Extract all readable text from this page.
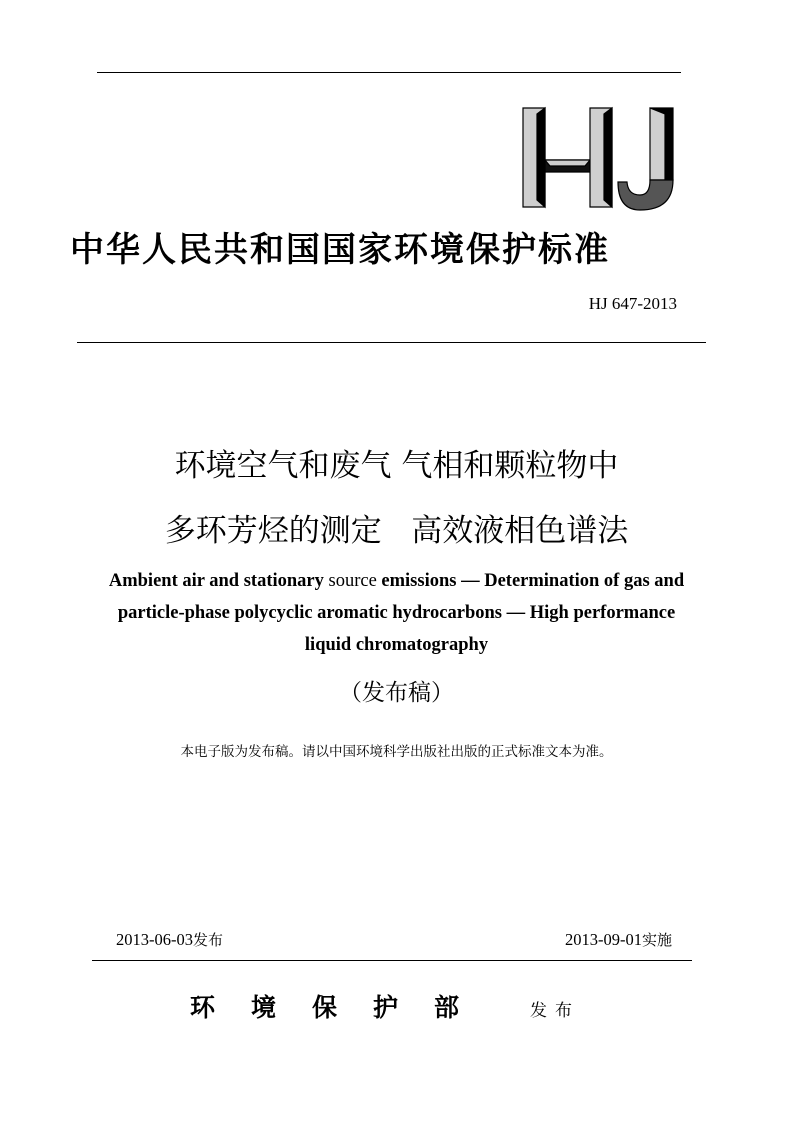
中华人民共和国国家环境保护标准
HJ 647-2013
环境空气和废气 气相和颗粒物中
多环芳烃的测定   高效液相色谱法
Ambient air and stationary source emissions — Determination of gas and
particle-phase polycyclic aromatic hydrocarbons — High performance
liquid chromatography
（发布稿）
本电子版为发布稿。请以中国环境科学出版社出版的正式标准文本为准。
2013-06-03发布	2013-09-01实施
环境保护部 发布
